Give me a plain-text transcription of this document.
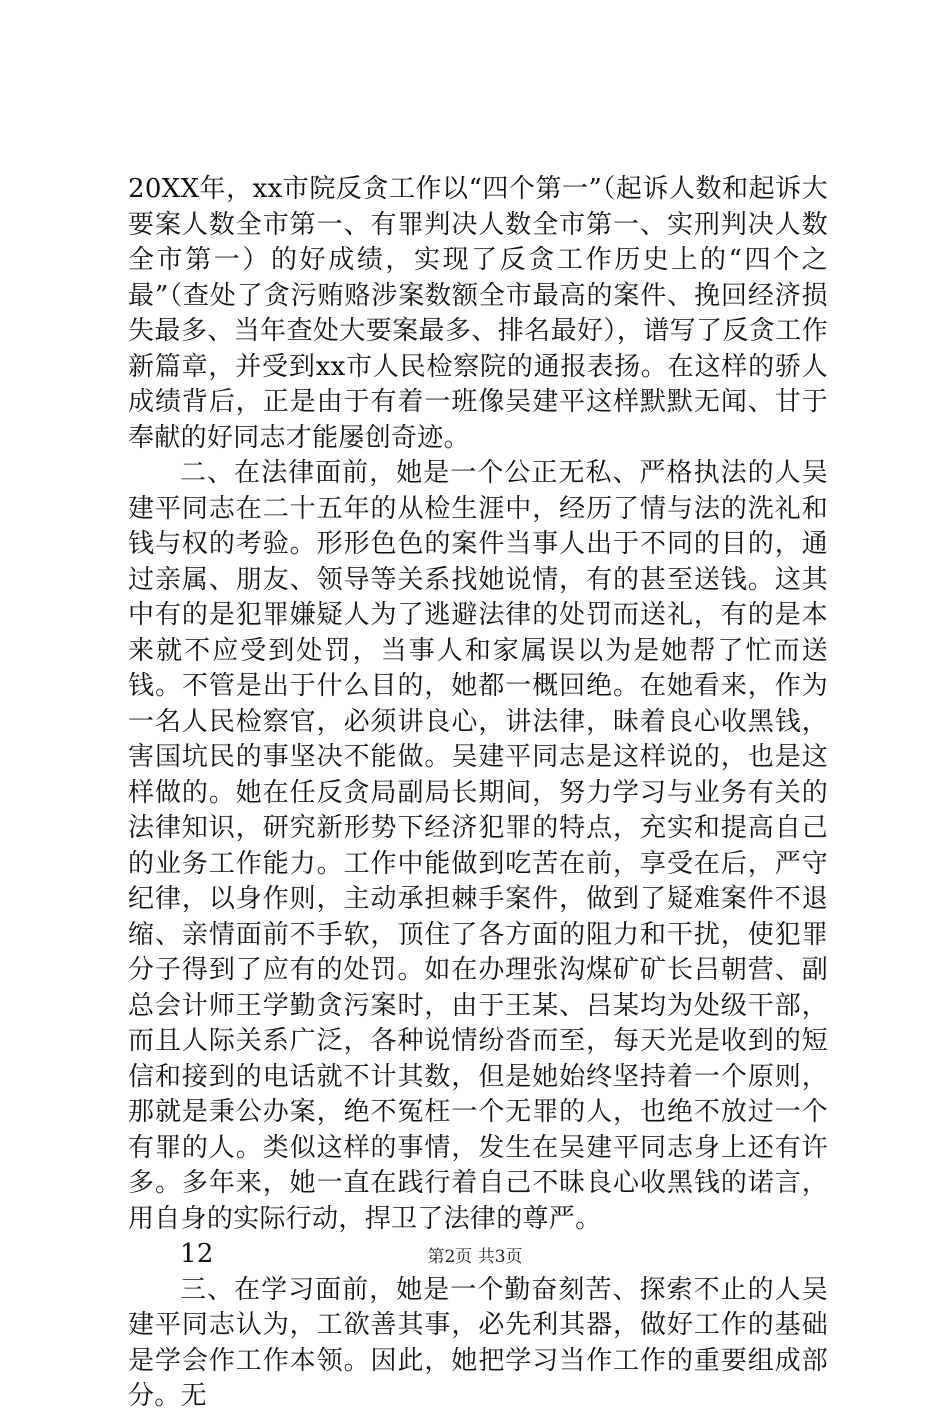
20XX年，xx市院反贪工作以“四个第一”（起诉人数和起诉大要案人数全市第一、有罪判决人数全市第一、实刑判决人数全市第一）的好成绩，实现了反贪工作历史上的“四个之最”（查处了贪污贿赂涉案数额全市最高的案件、挽回经济损失最多、当年查处大要案最多、排名最好），谱写了反贪工作新篇章，并受到xx市人民检察院的通报表扬。在这样的骄人成绩背后，正是由于有着一班像吴建平这样默默无闻、甘于奉献的好同志才能屡创奇迹。

二、在法律面前，她是一个公正无私、严格执法的人吴建平同志在二十五年的从检生涯中，经历了情与法的洗礼和钱与权的考验。形形色色的案件当事人出于不同的目的，通过亲属、朋友、领导等关系找她说情，有的甚至送钱。这其中有的是犯罪嫌疑人为了逃避法律的处罚而送礼，有的是本来就不应受到处罚，当事人和家属误以为是她帮了忙而送钱。不管是出于什么目的，她都一概回绝。在她看来，作为一名人民检察官，必须讲良心，讲法律，昧着良心收黑钱，害国坑民的事坚决不能做。吴建平同志是这样说的，也是这样做的。她在任反贪局副局长期间，努力学习与业务有关的法律知识，研究新形势下经济犯罪的特点，充实和提高自己的业务工作能力。工作中能做到吃苦在前，享受在后，严守纪律，以身作则，主动承担棘手案件，做到了疑难案件不退缩、亲情面前不手软，顶住了各方面的阻力和干扰，使犯罪分子得到了应有的处罚。如在办理张沟煤矿矿长吕朝营、副总会计师王学勤贪污案时，由于王某、吕某均为处级干部，而且人际关系广泛，各种说情纷沓而至，每天光是收到的短信和接到的电话就不计其数，但是她始终坚持着一个原则，那就是秉公办案，绝不冤枉一个无罪的人，也绝不放过一个有罪的人。类似这样的事情，发生在吴建平同志身上还有许多。多年来，她一直在践行着自己不昧良心收黑钱的诺言，用自身的实际行动，捍卫了法律的尊严。

12

三、在学习面前，她是一个勤奋刻苦、探索不止的人吴建平同志认为，工欲善其事，必先利其器，做好工作的基础是学会作工作本领。因此，她把学习当作工作的重要组成部分。无

第2页 共3页
